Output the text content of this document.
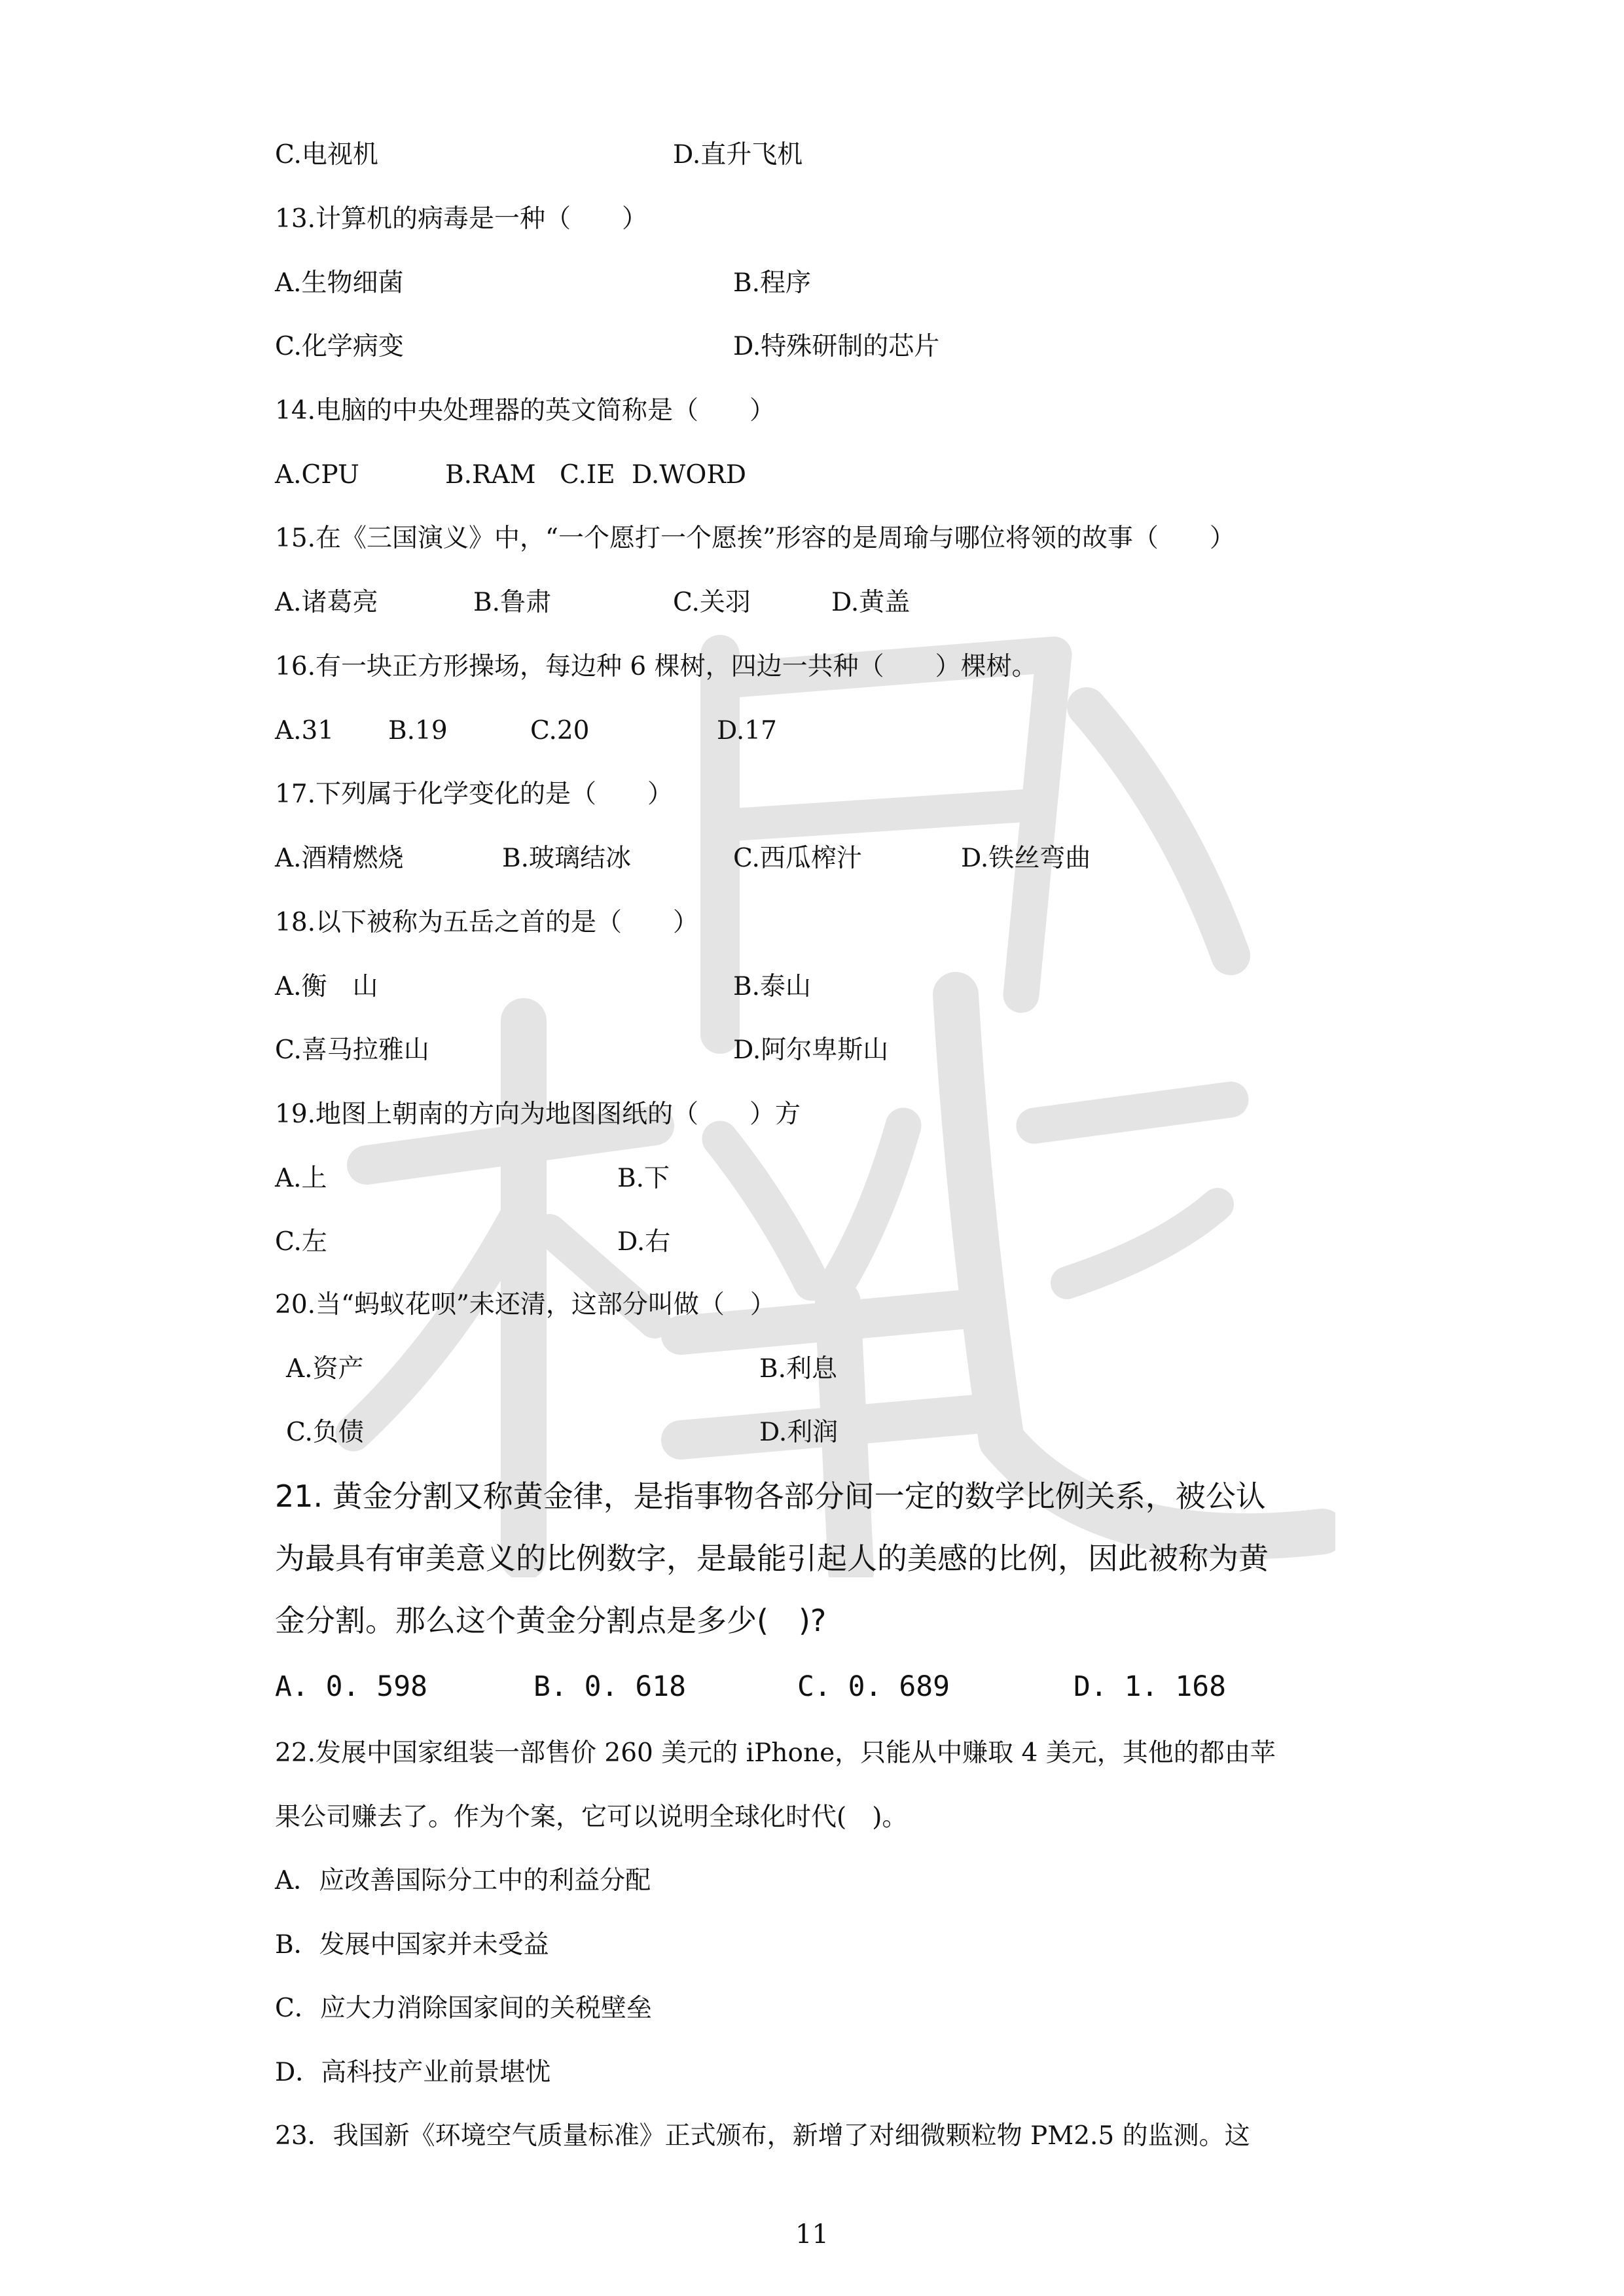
C.电视机	D.直升飞机
13.计算机的病毒是一种（　　）
A.生物细菌	B.程序
C.化学病变	D.特殊研制的芯片
14.电脑的中央处理器的英文简称是（　　）
A.CPU	B.RAM C.IE D.WORD
15.在《三国演义》中，“一个愿打一个愿挨”形容的是周瑜与哪位将领的故事（　　）
A.诸葛亮	B.鲁肃	C.关羽	D.黄盖
16.有一块正方形操场，每边种 6 棵树，四边一共种（　　）棵树。
A.31 B.19	C.20	D.17
17.下列属于化学变化的是（　　）
A.酒精燃烧	B.玻璃结冰	C.西瓜榨汁	D.铁丝弯曲
18.以下被称为五岳之首的是（　　）
A.衡　山	B.泰山
C.喜马拉雅山	D.阿尔卑斯山
19.地图上朝南的方向为地图图纸的（　　）方
A.上	B.下
C.左	D.右
20.当“蚂蚁花呗”未还清，这部分叫做（　）
A.资产	B.利息
C.负债	D.利润
21. 黄金分割又称黄金律，是指事物各部分间一定的数学比例关系，被公认
为最具有审美意义的比例数字，是最能引起人的美感的比例，因此被称为黄
金分割。那么这个黄金分割点是多少(　)?
A. 0. 598	B. 0. 618	C. 0. 689	D. 1. 168
22.发展中国家组装一部售价 260 美元的 iPhone，只能从中赚取 4 美元，其他的都由苹
果公司赚去了。作为个案，它可以说明全球化时代(　)。
A．应改善国际分工中的利益分配
B．发展中国家并未受益
C．应大力消除国家间的关税壁垒
D．高科技产业前景堪忧
23．我国新《环境空气质量标准》正式颁布，新增了对细微颗粒物 PM2.5 的监测。这
11
